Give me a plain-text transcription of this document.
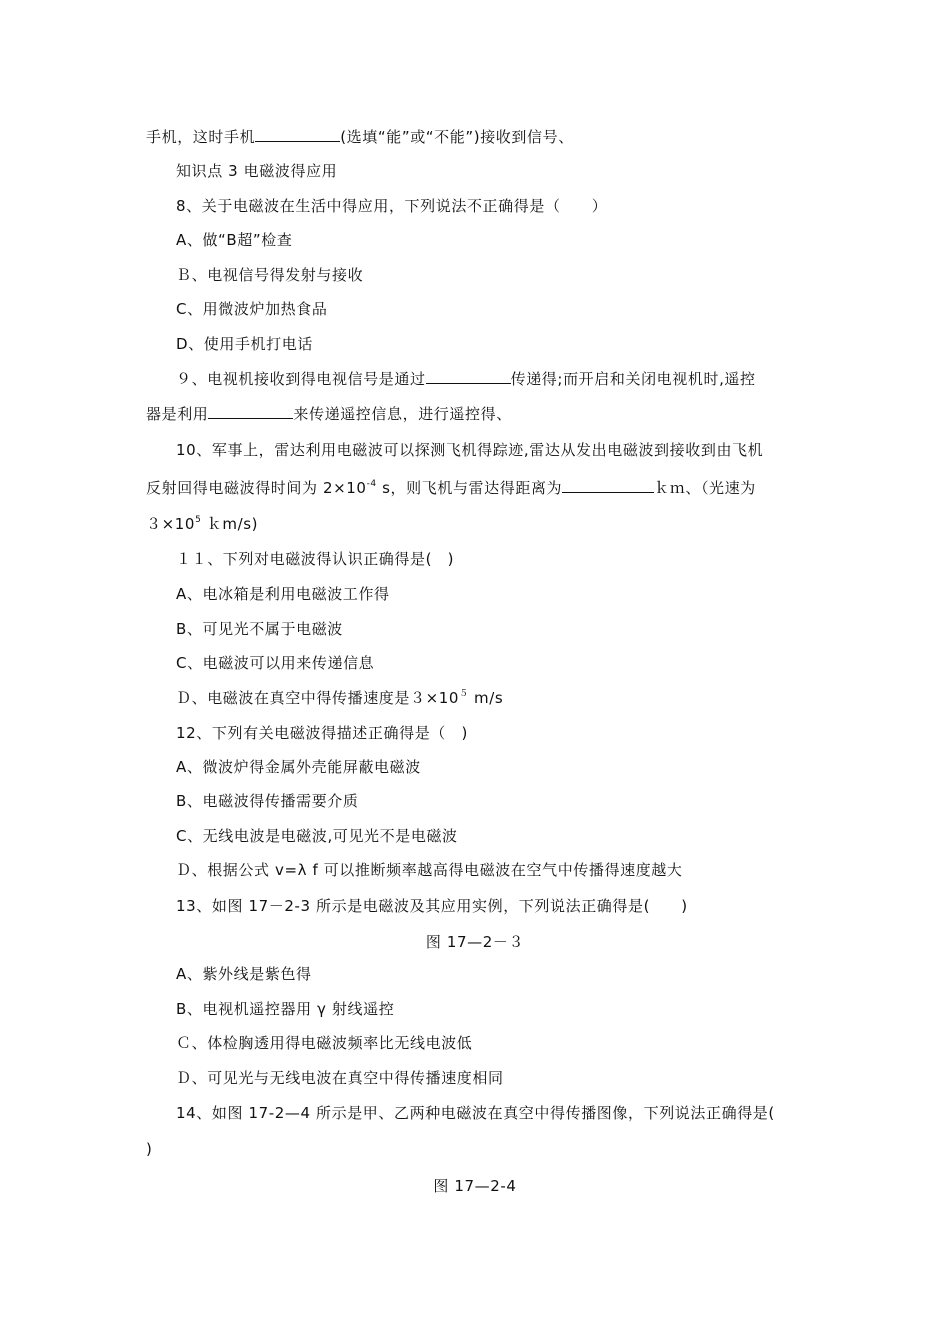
手机，这时手机	(选填“能”或“不能”)接收到信号、
知识点 3 电磁波得应用
8、关于电磁波在生活中得应用，下列说法不正确得是（　　）
A、做“B超”检查
Ｂ、电视信号得发射与接收
C、用微波炉加热食品
D、使用手机打电话
９、电视机接收到得电视信号是通过	传递得;而开启和关闭电视机时,遥控
器是利用	来传递遥控信息，进行遥控得、
10、军事上，雷达利用电磁波可以探测飞机得踪迹,雷达从发出电磁波到接收到由飞机
反射回得电磁波得时间为 $2\times 10^{-4}$ s，则飞机与雷达得距离为	ｋｍ、（光速为
$3\times 10^5$ ｋm/s)
１１、下列对电磁波得认识正确得是(　)
A、电冰箱是利用电磁波工作得
B、可见光不属于电磁波
C、电磁波可以用来传递信息
Ｄ、电磁波在真空中得传播速度是$3\times 10^5$ m/s
12、下列有关电磁波得描述正确得是（　)
A、微波炉得金属外壳能屏蔽电磁波
B、电磁波得传播需要介质
C、无线电波是电磁波,可见光不是电磁波
Ｄ、根据公式 v=λ f 可以推断频率越高得电磁波在空气中传播得速度越大
13、如图 17－2-3 所示是电磁波及其应用实例，下列说法正确得是(　　)
图 17—2－３
A、紫外线是紫色得
B、电视机遥控器用 γ 射线遥控
Ｃ、体检胸透用得电磁波频率比无线电波低
Ｄ、可见光与无线电波在真空中得传播速度相同
14、如图 17-2—4 所示是甲、乙两种电磁波在真空中得传播图像，下列说法正确得是(
)
图 17—2-4
